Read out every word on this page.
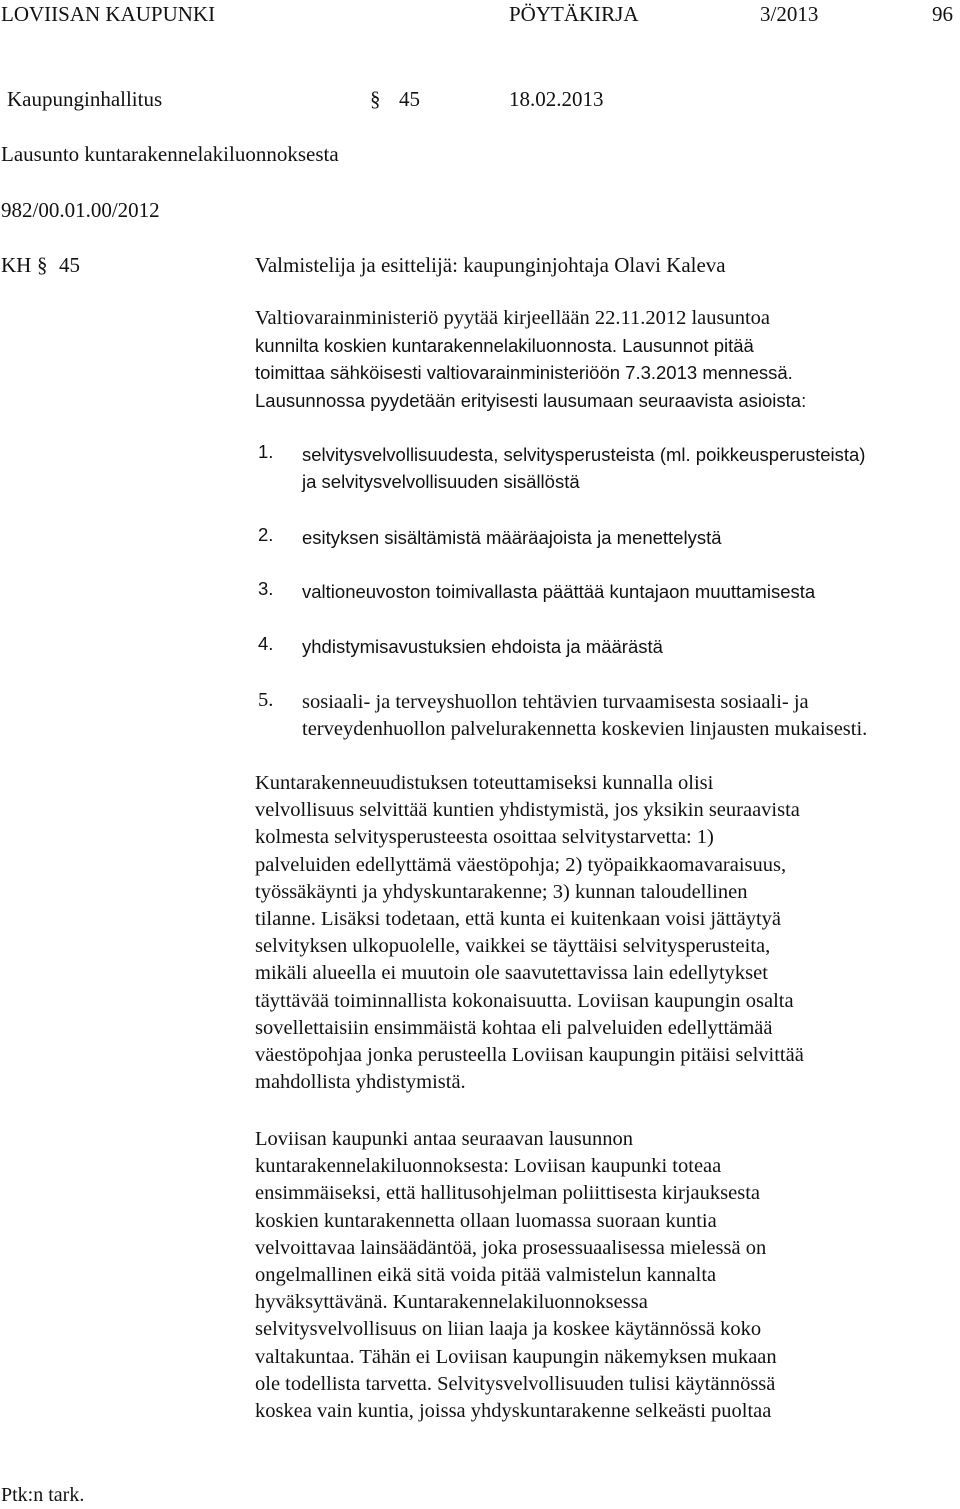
LOVIISAN KAUPUNKI	PÖYTÄKIRJA	3/2013	96
Kaupunginhallitus	§ 45	18.02.2013
Lausunto kuntarakennelakiluonnoksesta
982/00.01.00/2012
KH § 45	Valmistelija ja esittelijä: kaupunginjohtaja Olavi Kaleva
Valtiovarainministeriö pyytää kirjeellään 22.11.2012 lausuntoa
kunnilta koskien kuntarakennelakiluonnosta. Lausunnot pitää
toimittaa sähköisesti valtiovarainministeriöön 7.3.2013 mennessä.
Lausunnossa pyydetään erityisesti lausumaan seuraavista asioista:
1. selvitysvelvollisuudesta, selvitysperusteista (ml. poikkeusperusteista)
ja selvitysvelvollisuuden sisällöstä
2. esityksen sisältämistä määräajoista ja menettelystä
3. valtioneuvoston toimivallasta päättää kuntajaon muuttamisesta
4. yhdistymisavustuksien ehdoista ja määrästä
5. sosiaali- ja terveyshuollon tehtävien turvaamisesta sosiaali- ja
terveydenhuollon palvelurakennetta koskevien linjausten mukaisesti.
Kuntarakenneuudistuksen toteuttamiseksi kunnalla olisi
velvollisuus selvittää kuntien yhdistymistä, jos yksikin seuraavista
kolmesta selvitysperusteesta osoittaa selvitystarvetta: 1)
palveluiden edellyttämä väestöpohja; 2) työpaikkaomavaraisuus,
työssäkäynti ja yhdyskuntarakenne; 3) kunnan taloudellinen
tilanne. Lisäksi todetaan, että kunta ei kuitenkaan voisi jättäytyä
selvityksen ulkopuolelle, vaikkei se täyttäisi selvitysperusteita,
mikäli alueella ei muutoin ole saavutettavissa lain edellytykset
täyttävää toiminnallista kokonaisuutta. Loviisan kaupungin osalta
sovellettaisiin ensimmäistä kohtaa eli palveluiden edellyttämää
väestöpohjaa jonka perusteella Loviisan kaupungin pitäisi selvittää
mahdollista yhdistymistä.
Loviisan kaupunki antaa seuraavan lausunnon
kuntarakennelakiluonnoksesta: Loviisan kaupunki toteaa
ensimmäiseksi, että hallitusohjelman poliittisesta kirjauksesta
koskien kuntarakennetta ollaan luomassa suoraan kuntia
velvoittavaa lainsäädäntöä, joka prosessuaalisessa mielessä on
ongelmallinen eikä sitä voida pitää valmistelun kannalta
hyväksyttävänä. Kuntarakennelakiluonnoksessa
selvitysvelvollisuus on liian laaja ja koskee käytännössä koko
valtakuntaa. Tähän ei Loviisan kaupungin näkemyksen mukaan
ole todellista tarvetta. Selvitysvelvollisuuden tulisi käytännössä
koskea vain kuntia, joissa yhdyskuntarakenne selkeästi puoltaa
Ptk:n tark.
